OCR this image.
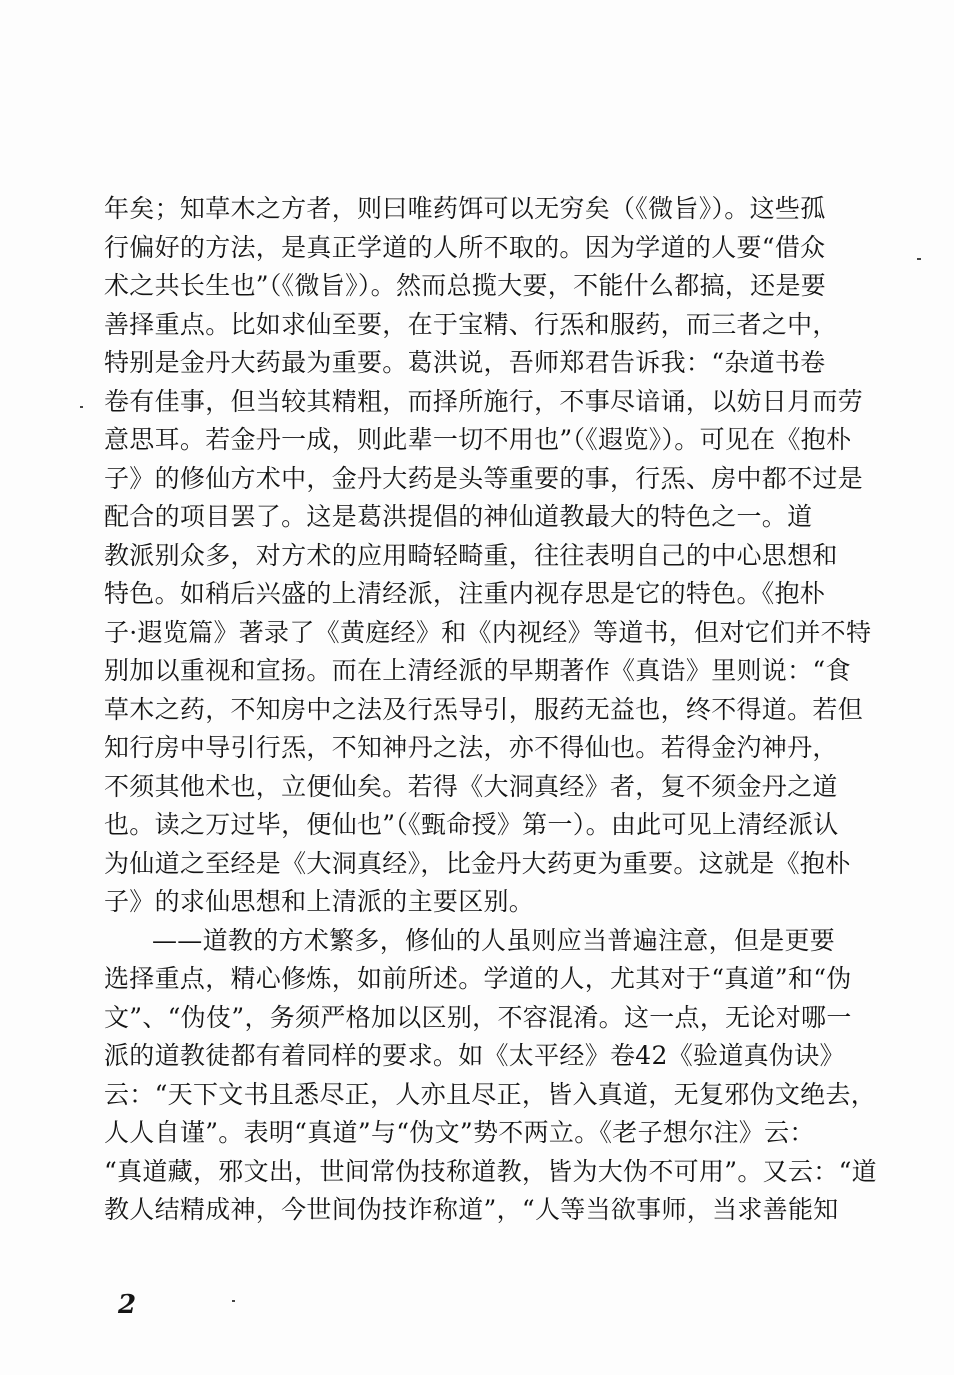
年矣；知草木之方者，则曰唯药饵可以无穷矣（《微旨》）。这些孤
行偏好的方法，是真正学道的人所不取的。因为学道的人要“借众
术之共长生也”（《微旨》）。然而总揽大要，不能什么都搞，还是要
善择重点。比如求仙至要，在于宝精、行炁和服药，而三者之中，
特别是金丹大药最为重要。葛洪说，吾师郑君告诉我：“杂道书卷
卷有佳事，但当较其精粗，而择所施行，不事尽谙诵，以妨日月而劳
意思耳。若金丹一成，则此辈一切不用也”（《遐览》）。可见在《抱朴
子》的修仙方术中，金丹大药是头等重要的事，行炁、房中都不过是
配合的项目罢了。这是葛洪提倡的神仙道教最大的特色之一。道
教派别众多，对方术的应用畸轻畸重，往往表明自己的中心思想和
特色。如稍后兴盛的上清经派，注重内视存思是它的特色。《抱朴
子·遐览篇》著录了《黄庭经》和《内视经》等道书，但对它们并不特
别加以重视和宣扬。而在上清经派的早期著作《真诰》里则说：“食
草木之药，不知房中之法及行炁导引，服药无益也，终不得道。若但
知行房中导引行炁，不知神丹之法，亦不得仙也。若得金汋神丹，
不须其他术也，立便仙矣。若得《大洞真经》者，复不须金丹之道
也。读之万过毕，便仙也”（《甄命授》第一）。由此可见上清经派认
为仙道之至经是《大洞真经》，比金丹大药更为重要。这就是《抱朴
子》的求仙思想和上清派的主要区别。
——道教的方术繁多，修仙的人虽则应当普遍注意，但是更要
选择重点，精心修炼，如前所述。学道的人，尤其对于“真道”和“伪
文”、“伪伎”，务须严格加以区别，不容混淆。这一点，无论对哪一
派的道教徒都有着同样的要求。如《太平经》卷42《验道真伪诀》
云：“天下文书且悉尽正，人亦且尽正，皆入真道，无复邪伪文绝去，
人人自谨”。表明“真道”与“伪文”势不两立。《老子想尔注》云：
“真道藏，邪文出，世间常伪技称道教，皆为大伪不可用”。又云：“道
教人结精成神，今世间伪技诈称道”，“人等当欲事师，当求善能知
2
